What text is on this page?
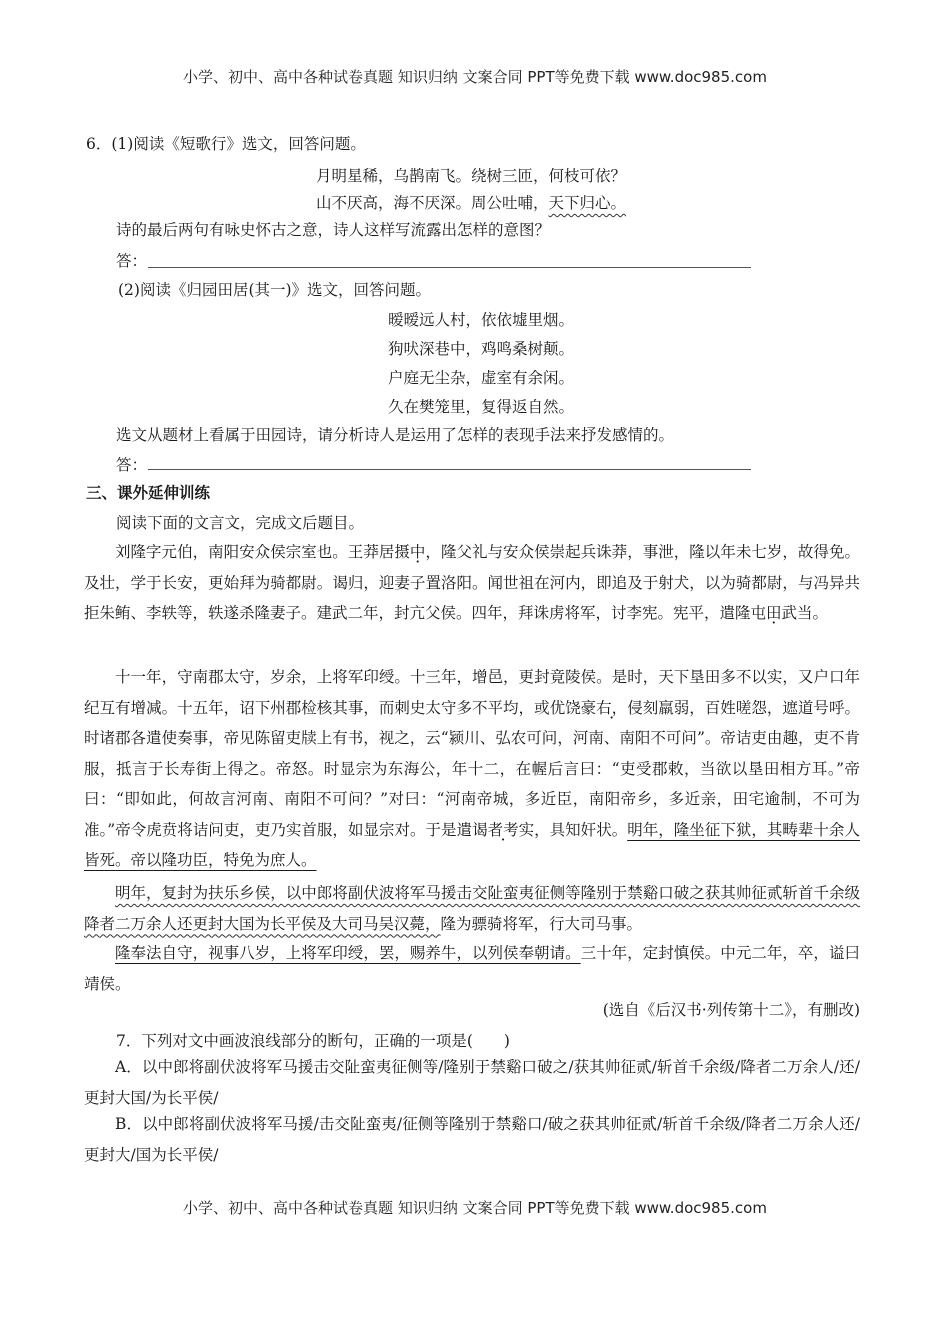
小学、初中、高中各种试卷真题 知识归纳 文案合同 PPT等免费下载 www.doc985.com
6．(1)阅读《短歌行》选文，回答问题。
月明星稀，乌鹊南飞。绕树三匝，何枝可依？
山不厌高，海不厌深。周公吐哺，天下归心。
诗的最后两句有咏史怀古之意，诗人这样写流露出怎样的意图？
答：
(2)阅读《归园田居(其一)》选文，回答问题。
暧暧远人村，依依墟里烟。
狗吠深巷中，鸡鸣桑树颠。
户庭无尘杂，虚室有余闲。
久在樊笼里，复得返自然。
选文从题材上看属于田园诗，请分析诗人是运用了怎样的表现手法来抒发感情的。
答：
三、课外延伸训练
阅读下面的文言文，完成文后题目。
刘隆字元伯，南阳安众侯宗室也。王莽居摄中，隆父礼与安众侯崇起兵诛莽，事泄，隆以年未七岁，故得免。及壮，学于长安，更始拜为骑都尉。谒归，迎妻子置洛阳。闻世祖在河内，即追及于射犬，以为骑都尉，与冯异共拒朱鲔、李轶等，轶遂杀隆妻子。建武二年，封亢父侯。四年，拜诛虏将军，讨李宪。宪平，遣隆屯田武当。
十一年，守南郡太守，岁余，上将军印绶。十三年，增邑，更封竟陵侯。是时，天下垦田多不以实，又户口年纪互有增减。十五年，诏下州郡检核其事，而刺史太守多不平均，或优饶豪右，侵刻羸弱，百姓嗟怨，遮道号呼。时诸郡各遣使奏事，帝见陈留吏牍上有书，视之，云“颍川、弘农可问，河南、南阳不可问”。帝诘吏由趣，吏不肯服，抵言于长寿街上得之。帝怒。时显宗为东海公，年十二，在幄后言曰：“吏受郡敕，当欲以垦田相方耳。”帝曰：“即如此，何故言河南、南阳不可问？”对曰：“河南帝城，多近臣，南阳帝乡，多近亲，田宅逾制，不可为准。”帝令虎贲将诘问吏，吏乃实首服，如显宗对。于是遣谒者考实，具知奸状。明年，隆坐征下狱，其畴辈十余人皆死。帝以隆功臣，特免为庶人。
明年，复封为扶乐乡侯，以中郎将副伏波将军马援击交阯蛮夷征侧等隆别于禁谿口破之获其帅征贰斩首千余级降者二万余人还更封大国为长平侯及大司马吴汉薨，隆为骠骑将军，行大司马事。
隆奉法自守，视事八岁，上将军印绶，罢，赐养牛，以列侯奉朝请。三十年，定封慎侯。中元二年，卒，谥曰靖侯。
(选自《后汉书·列传第十二》，有删改)
7．下列对文中画波浪线部分的断句，正确的一项是(　　)
A．以中郎将副伏波将军马援击交阯蛮夷征侧等/隆别于禁谿口破之/获其帅征贰/斩首千余级/降者二万余人/还/更封大国/为长平侯/
B．以中郎将副伏波将军马援/击交阯蛮夷/征侧等隆别于禁谿口/破之获其帅征贰/斩首千余级/降者二万余人还/更封大/国为长平侯/
小学、初中、高中各种试卷真题 知识归纳 文案合同 PPT等免费下载 www.doc985.com
